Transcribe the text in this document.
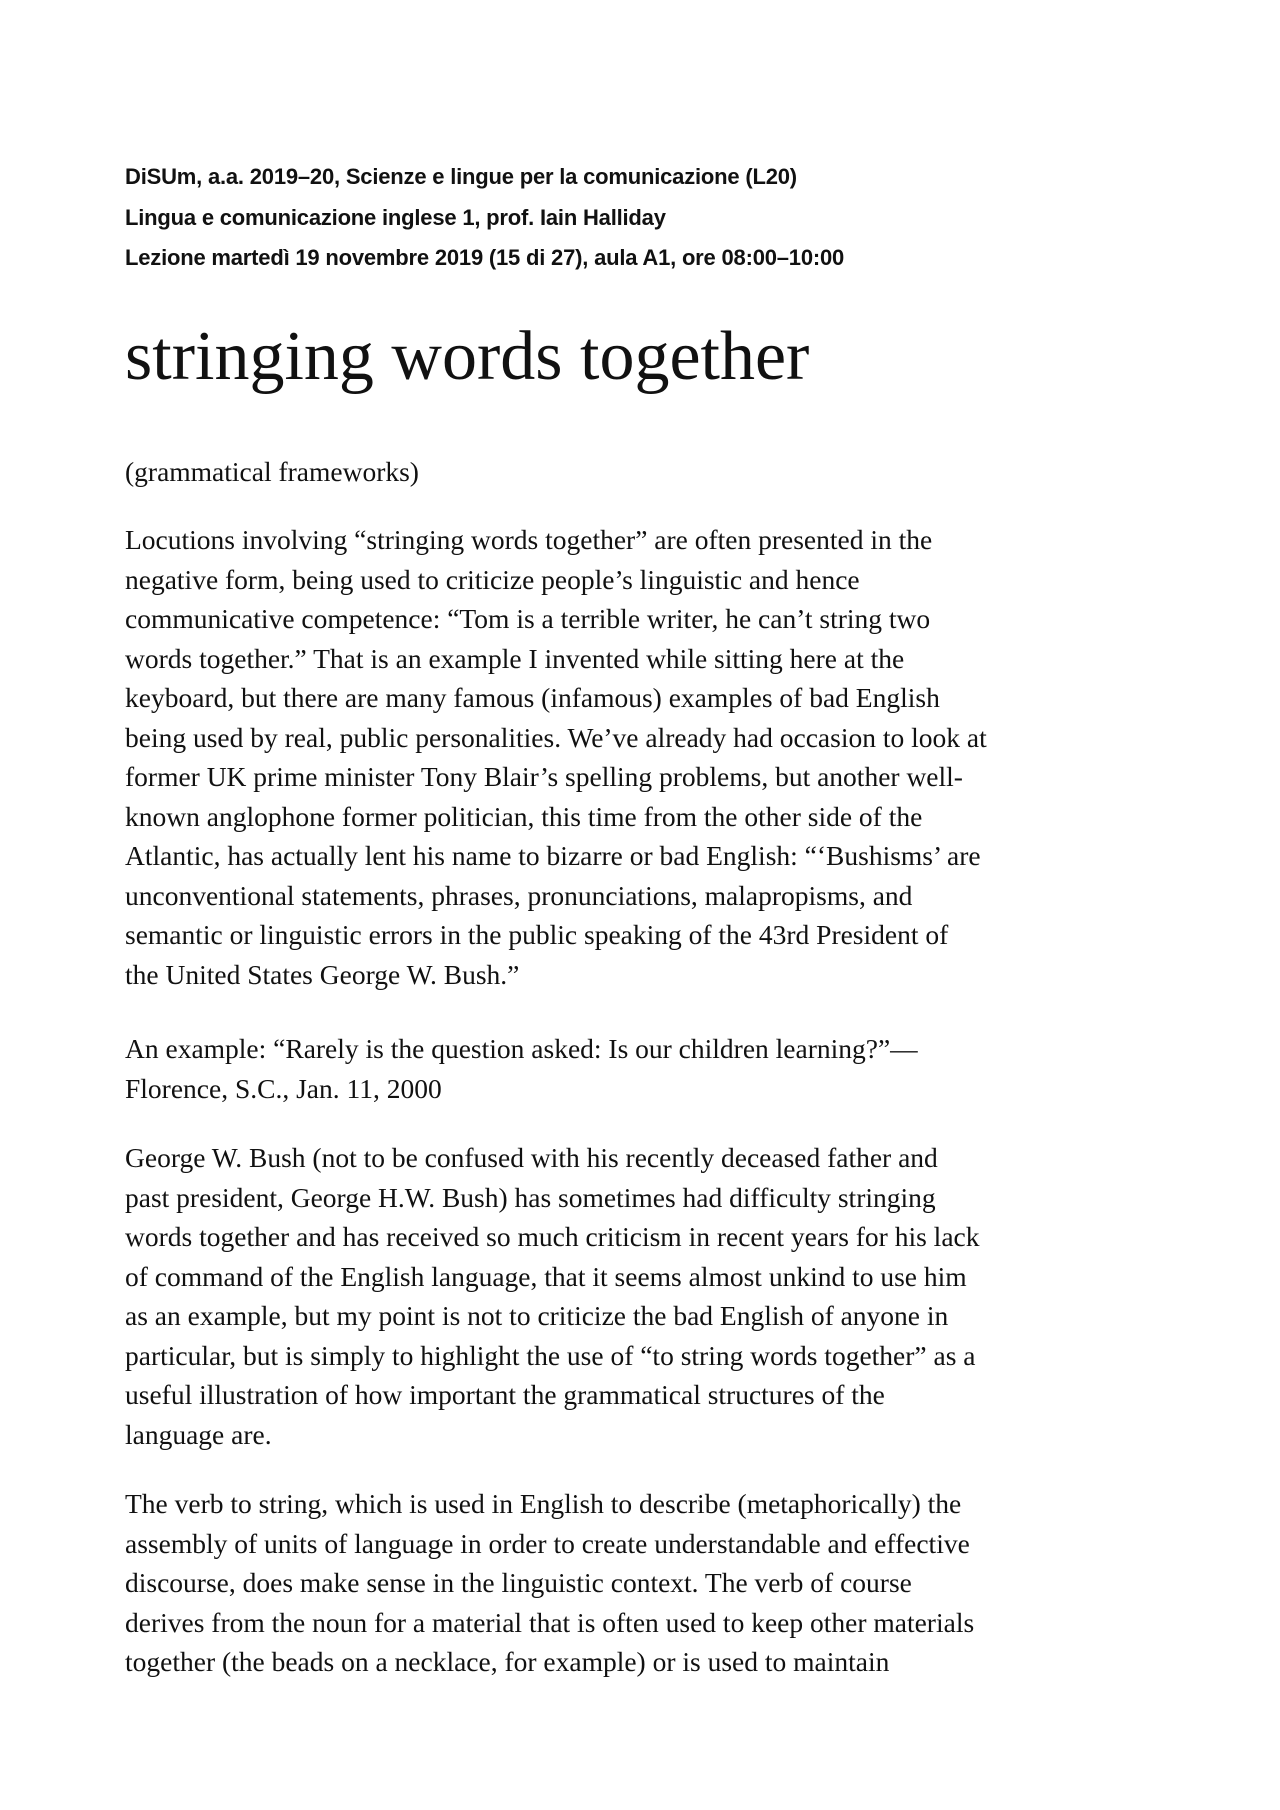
DiSUm, a.a. 2019–20, Scienze e lingue per la comunicazione (L20)
Lingua e comunicazione inglese 1, prof. Iain Halliday
Lezione martedì 19 novembre 2019 (15 di 27), aula A1, ore 08:00–10:00
stringing words together
(grammatical frameworks)
Locutions involving “stringing words together” are often presented in the
negative form, being used to criticize people’s linguistic and hence
communicative competence: “Tom is a terrible writer, he can’t string two
words together.” That is an example I invented while sitting here at the
keyboard, but there are many famous (infamous) examples of bad English
being used by real, public personalities. We’ve already had occasion to look at
former UK prime minister Tony Blair’s spelling problems, but another well-
known anglophone former politician, this time from the other side of the
Atlantic, has actually lent his name to bizarre or bad English: “‘Bushisms’ are
unconventional statements, phrases, pronunciations, malapropisms, and
semantic or linguistic errors in the public speaking of the 43rd President of
the United States George W. Bush.”
An example: “Rarely is the question asked: Is our children learning?”—
Florence, S.C., Jan. 11, 2000
George W. Bush (not to be confused with his recently deceased father and
past president, George H.W. Bush) has sometimes had difficulty stringing
words together and has received so much criticism in recent years for his lack
of command of the English language, that it seems almost unkind to use him
as an example, but my point is not to criticize the bad English of anyone in
particular, but is simply to highlight the use of “to string words together” as a
useful illustration of how important the grammatical structures of the
language are.
The verb to string, which is used in English to describe (metaphorically) the
assembly of units of language in order to create understandable and effective
discourse, does make sense in the linguistic context. The verb of course
derives from the noun for a material that is often used to keep other materials
together (the beads on a necklace, for example) or is used to maintain
